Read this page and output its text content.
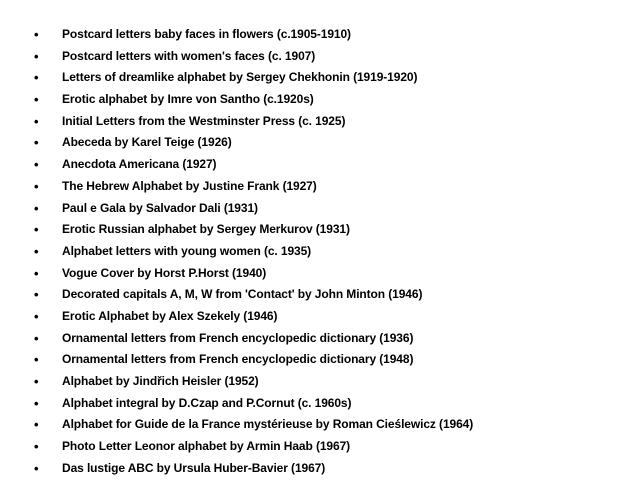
• Postcard letters baby faces in flowers (c.1905-1910)
• Postcard letters with women's faces (c. 1907)
• Letters of dreamlike alphabet by Sergey Chekhonin (1919-1920)
• Erotic alphabet by Imre von Santho (c.1920s)
• Initial Letters from the Westminster Press (c. 1925)
• Abeceda by Karel Teige (1926)
• Anecdota Americana (1927)
• The Hebrew Alphabet by Justine Frank (1927)
• Paul e Gala by Salvador Dali (1931)
• Erotic Russian alphabet by Sergey Merkurov (1931)
• Alphabet letters with young women (c. 1935)
• Vogue Cover by Horst P.Horst (1940)
• Decorated capitals A, M, W from 'Contact' by John Minton (1946)
• Erotic Alphabet by Alex Szekely (1946)
• Ornamental letters from French encyclopedic dictionary (1936)
• Ornamental letters from French encyclopedic dictionary (1948)
• Alphabet by Jindřich Heisler (1952)
• Alphabet integral by D.Czap and P.Cornut (c. 1960s)
• Alphabet for Guide de la France mystérieuse by Roman Cieślewicz (1964)
• Photo Letter Leonor alphabet by Armin Haab (1967)
• Das lustige ABC by Ursula Huber-Bavier (1967)
